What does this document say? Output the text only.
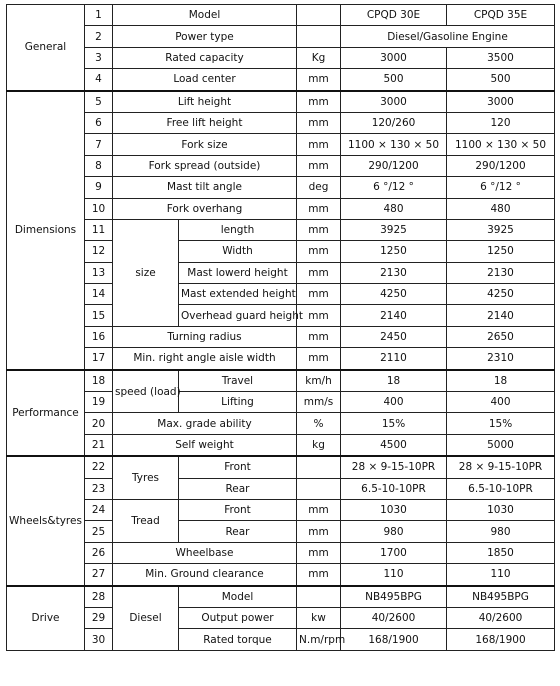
General	1	Model			CPQD 30E	CPQD 35E
	2	Power type			Diesel/Gasoline Engine	
	3	Rated capacity		Kg	3000	3500
	4	Load center		mm	500	500
Dimensions	5	Lift height		mm	3000	3000
	6	Free lift height		mm	120/260	120
	7	Fork size		mm	1100 × 130 × 50	1100 × 130 × 50
	8	Fork spread (outside)		mm	290/1200	290/1200
	9	Mast tilt angle		deg	6 °/12 °	6 °/12 °
	10	Fork overhang		mm	480	480
	11	size	length	mm	3925	3925
	12		Width	mm	1250	1250
	13		Mast lowerd height	mm	2130	2130
	14		Mast extended height	mm	4250	4250
	15		Overhead guard height	mm	2140	2140
	16	Turning radius		mm	2450	2650
	17	Min. right angle aisle width		mm	2110	2310
Performance	18	speed (load)	Travel	km/h	18	18
	19		Lifting	mm/s	400	400
	20	Max. grade ability		%	15%	15%
	21	Self weight		kg	4500	5000
Wheels&tyres	22	Tyres	Front		28 × 9-15-10PR	28 × 9-15-10PR
	23		Rear		6.5-10-10PR	6.5-10-10PR
	24	Tread	Front	mm	1030	1030
	25		Rear	mm	980	980
	26	Wheelbase		mm	1700	1850
	27	Min. Ground clearance		mm	110	110
Drive	28	Diesel	Model		NB495BPG	NB495BPG
	29		Output power	kw	40/2600	40/2600
	30		Rated torque	N.m/rpm	168/1900	168/1900
